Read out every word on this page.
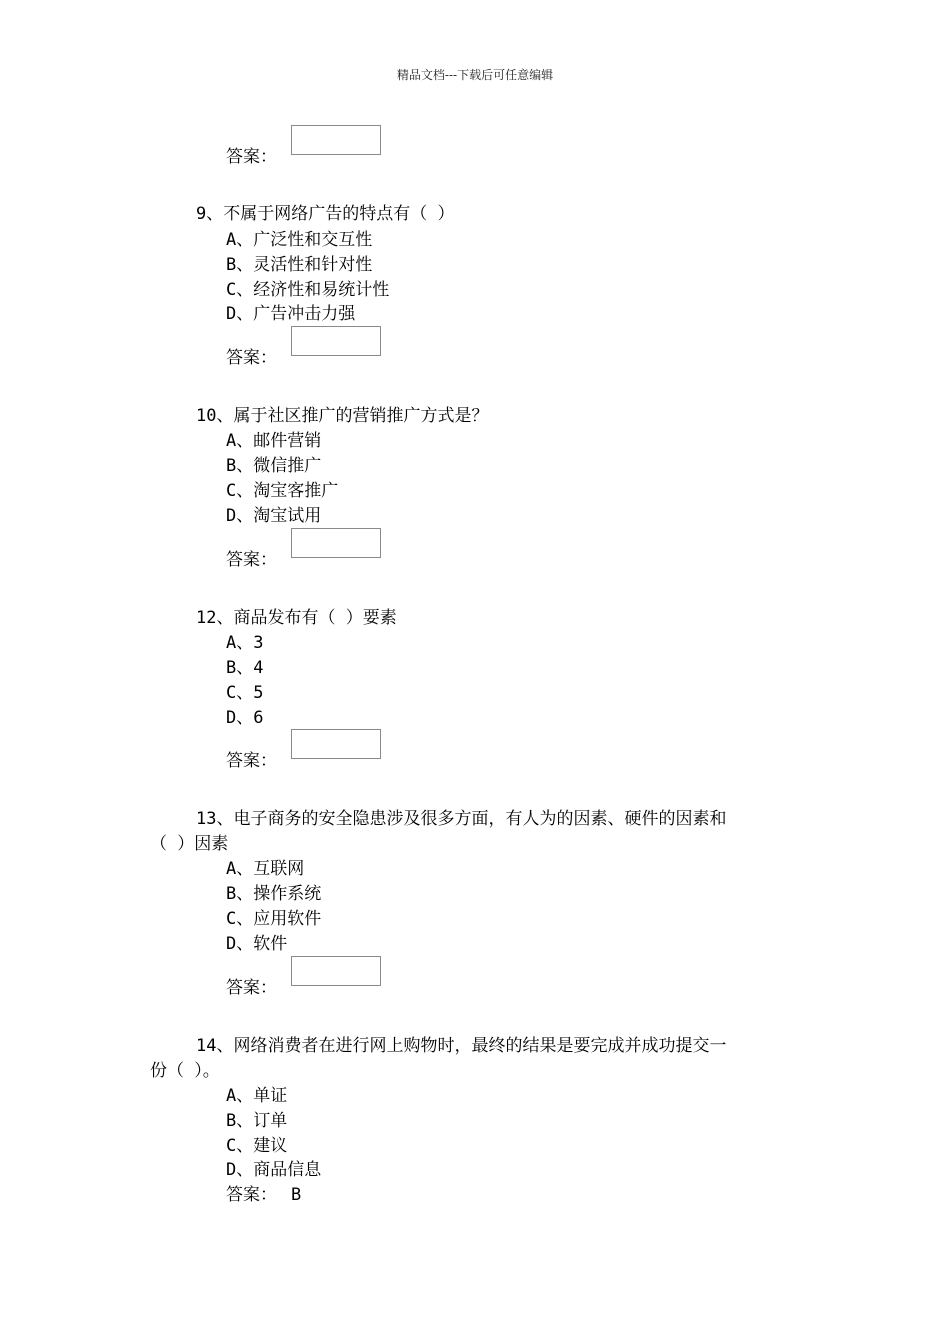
精品文档---下载后可任意编辑
答案：
9、不属于网络广告的特点有（ ）
A、广泛性和交互性
B、灵活性和针对性
C、经济性和易统计性
D、广告冲击力强
答案：
10、属于社区推广的营销推广方式是？
A、邮件营销
B、微信推广
C、淘宝客推广
D、淘宝试用
答案：
12、商品发布有（ ）要素
A、3
B、4
C、5
D、6
答案：
13、电子商务的安全隐患涉及很多方面，有人为的因素、硬件的因素和
（ ）因素
A、互联网
B、操作系统
C、应用软件
D、软件
答案：
14、网络消费者在进行网上购物时，最终的结果是要完成并成功提交一
份（ ）。
A、单证
B、订单
C、建议
D、商品信息
答案： B
